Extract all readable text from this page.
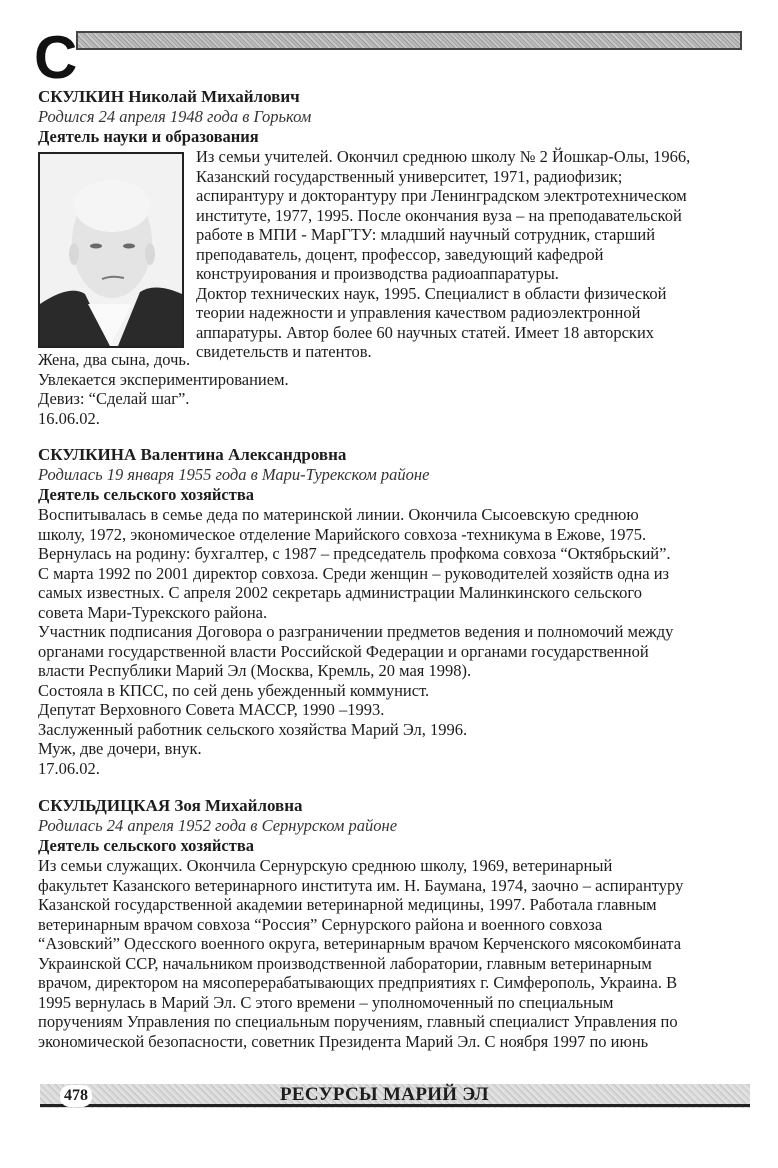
С
СКУЛКИН Николай Михайлович
Родился 24 апреля 1948 года в Горьком
Деятель науки и образования

Из семьи учителей. Окончил среднюю школу № 2 Йошкар-Олы, 1966,

Казанский государственный университет, 1971, радиофизик;

аспирантуру и докторантуру при Ленинградском электротехническом

институте, 1977, 1995. После окончания вуза – на преподавательской

работе в МПИ - МарГТУ: младший научный сотрудник, старший

преподаватель, доцент, профессор, заведующий кафедрой

конструирования и производства радиоаппаратуры.

Доктор технических наук, 1995. Специалист в области физической

теории надежности и управления качеством радиоэлектронной

аппаратуры. Автор более 60 научных статей. Имеет 18 авторских

свидетельств и патентов.

Жена, два сына, дочь.

Увлекается экспериментированием.

Девиз: “Сделай шаг”.

16.06.02.

СКУЛКИНА Валентина Александровна
Родилась 19 января 1955 года в Мари-Турекском районе
Деятель сельского хозяйства

Воспитывалась в семье деда по материнской линии. Окончила Сысоевскую среднюю

школу, 1972, экономическое отделение Марийского совхоза -техникума в Ежове, 1975.

Вернулась на родину: бухгалтер, с 1987 – председатель профкома совхоза “Октябрьский”.

С марта 1992 по 2001 директор совхоза. Среди женщин – руководителей хозяйств одна из

самых известных. С апреля 2002 секретарь администрации Малинкинского сельского

совета Мари-Турекского района.

Участник подписания Договора о разграничении предметов ведения и полномочий между

органами государственной власти Российской Федерации и органами государственной

власти Республики Марий Эл (Москва, Кремль, 20 мая 1998).

Состояла в КПСС, по сей день убежденный коммунист.

Депутат Верховного Совета МАССР, 1990 –1993.

Заслуженный работник сельского хозяйства Марий Эл, 1996.

Муж, две дочери, внук.

17.06.02.

СКУЛЬДИЦКАЯ Зоя Михайловна
Родилась 24 апреля 1952 года в Сернурском районе
Деятель сельского хозяйства

Из семьи служащих. Окончила Сернурскую среднюю школу, 1969, ветеринарный

факультет Казанского ветеринарного института им. Н. Баумана, 1974, заочно – аспирантуру

Казанской государственной академии ветеринарной медицины, 1997. Работала главным

ветеринарным врачом совхоза “Россия” Сернурского района и военного совхоза

“Азовский” Одесского военного округа, ветеринарным врачом Керченского мясокомбината

Украинской ССР, начальником производственной лаборатории, главным ветеринарным

врачом, директором на мясоперерабатывающих предприятиях г. Симферополь, Украина. В

1995 вернулась в Марий Эл. С этого времени – уполномоченный по специальным

поручениям Управления по специальным поручениям, главный специалист Управления по

экономической безопасности, советник Президента Марий Эл. С ноября 1997 по июнь

478	РЕСУРСЫ МАРИЙ ЭЛ
